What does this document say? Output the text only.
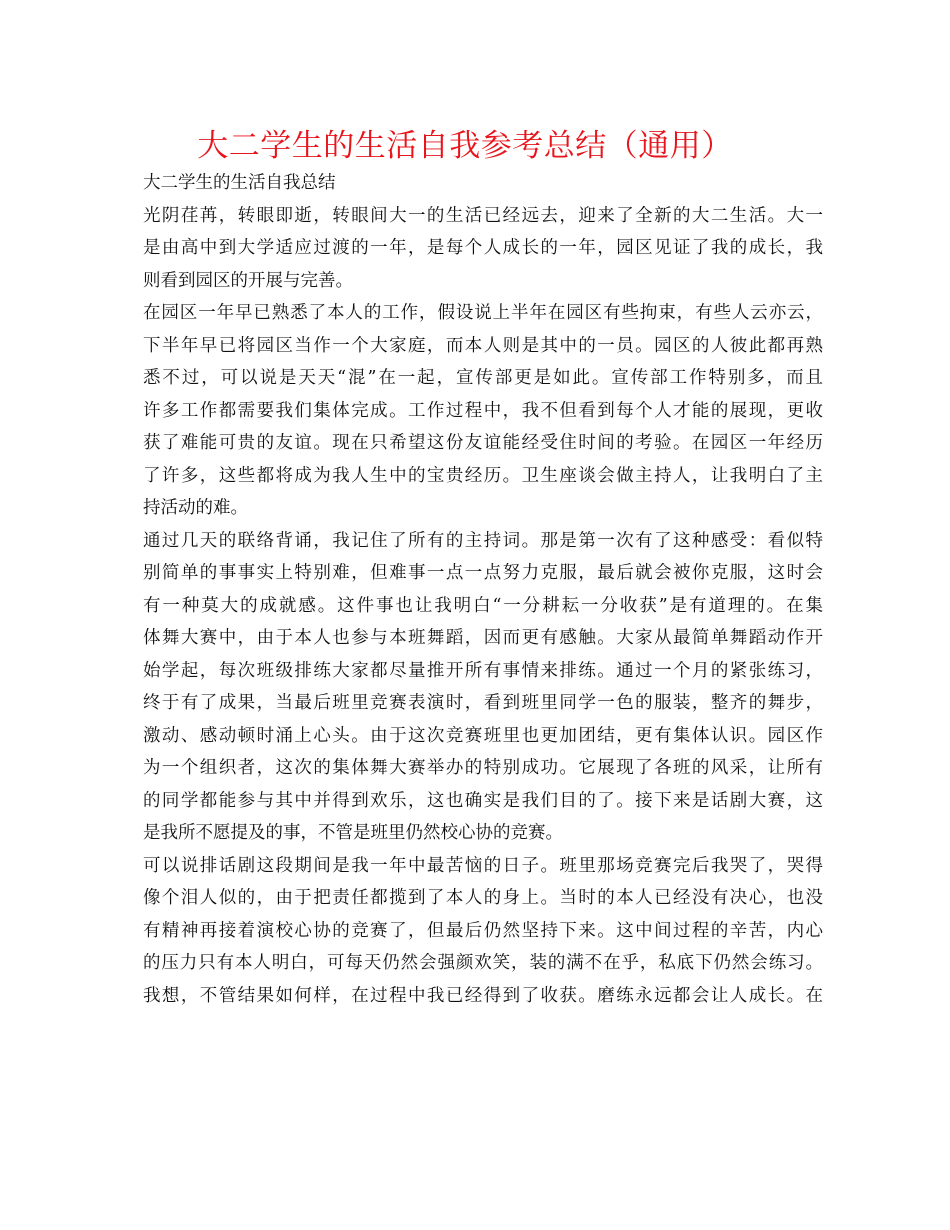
大二学生的生活自我参考总结（通用）
大二学生的生活自我总结
光阴荏苒，转眼即逝，转眼间大一的生活已经远去，迎来了全新的大二生活。大一
是由高中到大学适应过渡的一年，是每个人成长的一年，园区见证了我的成长，我
则看到园区的开展与完善。
在园区一年早已熟悉了本人的工作，假设说上半年在园区有些拘束，有些人云亦云，
下半年早已将园区当作一个大家庭，而本人则是其中的一员。园区的人彼此都再熟
悉不过，可以说是天天“混”在一起，宣传部更是如此。宣传部工作特别多，而且
许多工作都需要我们集体完成。工作过程中，我不但看到每个人才能的展现，更收
获了难能可贵的友谊。现在只希望这份友谊能经受住时间的考验。在园区一年经历
了许多，这些都将成为我人生中的宝贵经历。卫生座谈会做主持人，让我明白了主
持活动的难。
通过几天的联络背诵，我记住了所有的主持词。那是第一次有了这种感受：看似特
别简单的事事实上特别难，但难事一点一点努力克服，最后就会被你克服，这时会
有一种莫大的成就感。这件事也让我明白“一分耕耘一分收获”是有道理的。在集
体舞大赛中，由于本人也参与本班舞蹈，因而更有感触。大家从最简单舞蹈动作开
始学起，每次班级排练大家都尽量推开所有事情来排练。通过一个月的紧张练习，
终于有了成果，当最后班里竞赛表演时，看到班里同学一色的服装，整齐的舞步，
激动、感动顿时涌上心头。由于这次竞赛班里也更加团结，更有集体认识。园区作
为一个组织者，这次的集体舞大赛举办的特别成功。它展现了各班的风采，让所有
的同学都能参与其中并得到欢乐，这也确实是我们目的了。接下来是话剧大赛，这
是我所不愿提及的事，不管是班里仍然校心协的竞赛。
可以说排话剧这段期间是我一年中最苦恼的日子。班里那场竞赛完后我哭了，哭得
像个泪人似的，由于把责任都揽到了本人的身上。当时的本人已经没有决心，也没
有精神再接着演校心协的竞赛了，但最后仍然坚持下来。这中间过程的辛苦，内心
的压力只有本人明白，可每天仍然会强颜欢笑，装的满不在乎，私底下仍然会练习。
我想，不管结果如何样，在过程中我已经得到了收获。磨练永远都会让人成长。在
